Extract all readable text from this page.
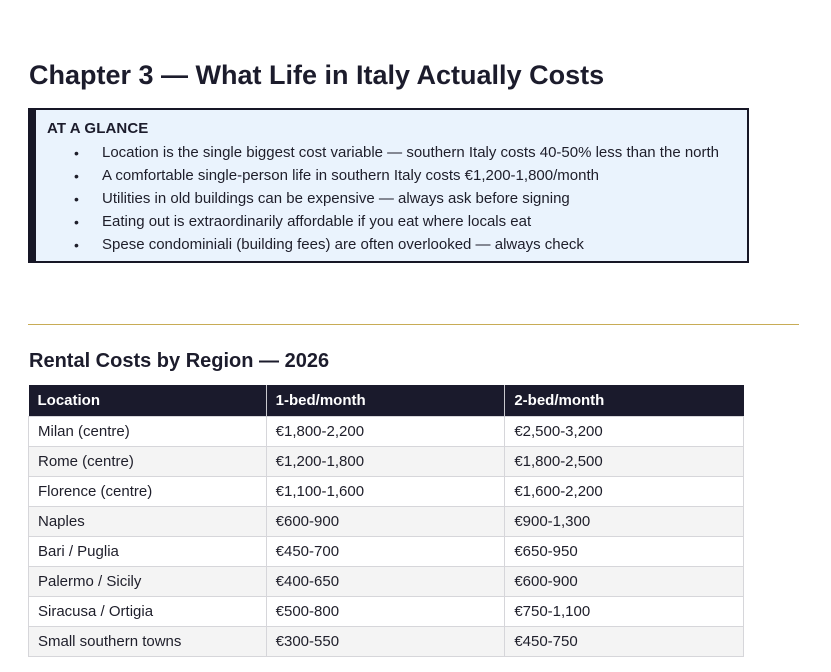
Chapter 3 — What Life in Italy Actually Costs
AT A GLANCE
• Location is the single biggest cost variable — southern Italy costs 40-50% less than the north
• A comfortable single-person life in southern Italy costs €1,200-1,800/month
• Utilities in old buildings can be expensive — always ask before signing
• Eating out is extraordinarily affordable if you eat where locals eat
• Spese condominiali (building fees) are often overlooked — always check
Rental Costs by Region — 2026
Location	1-bed/month	2-bed/month
Milan (centre)	€1,800-2,200	€2,500-3,200
Rome (centre)	€1,200-1,800	€1,800-2,500
Florence (centre)	€1,100-1,600	€1,600-2,200
Naples	€600-900	€900-1,300
Bari / Puglia	€450-700	€650-950
Palermo / Sicily	€400-650	€600-900
Siracusa / Ortigia	€500-800	€750-1,100
Small southern towns	€300-550	€450-750
